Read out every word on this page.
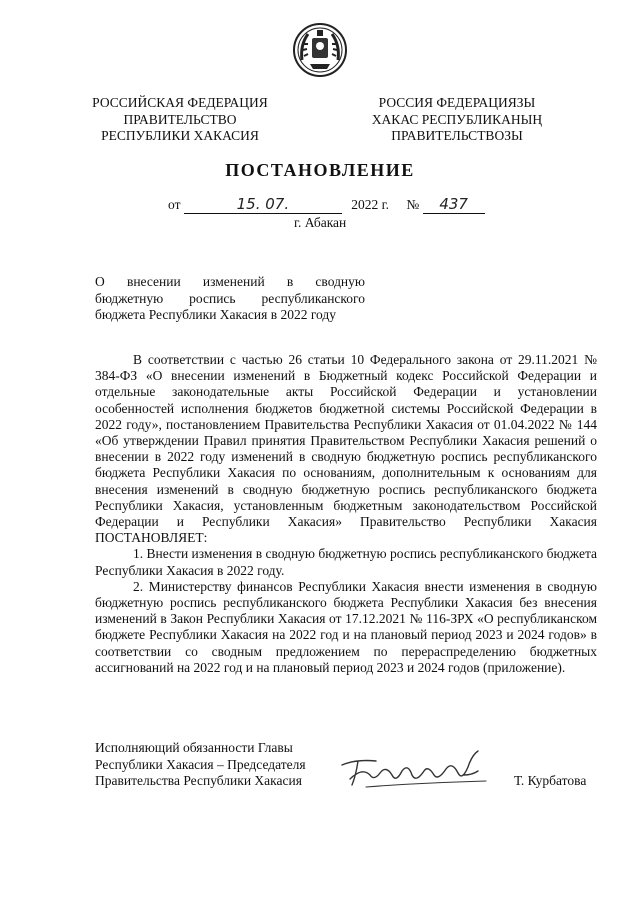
РОССИЙСКАЯ ФЕДЕРАЦИЯ
ПРАВИТЕЛЬСТВО
РЕСПУБЛИКИ ХАКАСИЯ
РОССИЯ ФЕДЕРАЦИЯЗЫ
ХАКАС РЕСПУБЛИКАНЫҢ
ПРАВИТЕЛЬСТВОЗЫ
ПОСТАНОВЛЕНИЕ
от	15. 07.	2022 г. № 437
г. Абакан
О внесении изменений в сводную
бюджетную роспись республиканского
бюджета Республики Хакасия в 2022 году

В соответствии с частью 26 статьи 10 Федерального закона от 29.11.2021 № 384-ФЗ «О внесении изменений в Бюджетный кодекс Российской Федерации и отдельные законодательные акты Российской Федерации и установлении особенностей исполнения бюджетов бюджетной системы Российской Федерации в 2022 году», постановлением Правительства Республики Хакасия от 01.04.2022 № 144 «Об утверждении Правил принятия Правительством Республики Хакасия решений о внесении в 2022 году изменений в сводную бюджетную роспись республиканского бюджета Республики Хакасия по основаниям, дополнительным к основаниям для внесения изменений в сводную бюджетную роспись республиканского бюджета Республики Хакасия, установленным бюджетным законодательством Российской Федерации и Республики Хакасия» Правительство Республики Хакасия ПОСТАНОВЛЯЕТ:

1. Внести изменения в сводную бюджетную роспись республиканского бюджета Республики Хакасия в 2022 году.

2. Министерству финансов Республики Хакасия внести изменения в сводную бюджетную роспись республиканского бюджета Республики Хакасия без внесения изменений в Закон Республики Хакасия от 17.12.2021 № 116-ЗРХ «О республиканском бюджете Республики Хакасия на 2022 год и на плановый период 2023 и 2024 годов» в соответствии со сводным предложением по перераспределению бюджетных ассигнований на 2022 год и на плановый период 2023 и 2024 годов (приложение).

Исполняющий обязанности Главы
Республики Хакасия – Председателя
Правительства Республики Хакасия	Т. Курбатова
